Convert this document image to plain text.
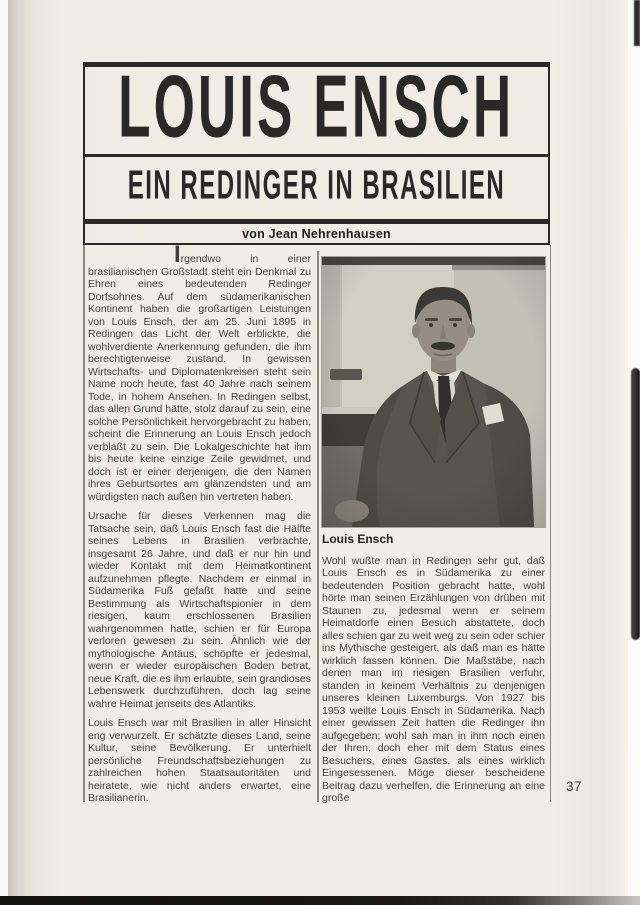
LOUIS ENSCH
EIN REDINGER IN BRASILIEN
von Jean Nehrenhausen

Irgendwo in einer brasilianischen Großstadt steht ein Denkmal zu Ehren eines bedeutenden Redinger Dorfsohnes. Auf dem südamerikanischen Kontinent haben die großartigen Leistungen von Louis Ensch, der am 25. Juni 1895 in Redingen das Licht der Welt erblickte, die wohlverdiente Anerkennung gefunden, die ihm berechtigterweise zustand. In gewissen Wirtschafts- und Diplomatenkreisen steht sein Name noch heute, fast 40 Jahre nach seinem Tode, in hohem Ansehen. In Redingen selbst, das allen Grund hätte, stolz darauf zu sein, eine solche Persönlichkeit hervorgebracht zu haben, scheint die Erinnerung an Louis Ensch jedoch verblaßt zu sein. Die Lokalgeschichte hat ihm bis heute keine einzige Zeile gewidmet, und doch ist er einer derjenigen, die den Namen ihres Geburtsortes am glänzendsten und am würdigsten nach außen hin vertreten haben.

Ursache für dieses Verkennen mag die Tatsache sein, daß Louis Ensch fast die Hälfte seines Lebens in Brasilien verbrachte, insgesamt 26 Jahre, und daß er nur hin und wieder Kontakt mit dem Heimatkontinent aufzunehmen pflegte. Nachdem er einmal in Südamerika Fuß gefaßt hatte und seine Bestimmung als Wirtschaftspionier in dem riesigen, kaum erschlossenen Brasilien wahrgenommen hatte, schien er für Europa verloren gewesen zu sein. Ähnlich wie der mythologische Antäus, schöpfte er jedesmal, wenn er wieder europäischen Boden betrat, neue Kraft, die es ihm erlaubte, sein grandioses Lebenswerk durchzuführen, doch lag seine wahre Heimat jenseits des Atlantiks.

Louis Ensch war mit Brasilien in aller Hinsicht eng verwurzelt. Er schätzte dieses Land, seine Kultur, seine Bevölkerung. Er unterhielt persönliche Freundschaftsbeziehungen zu zahlreichen hohen Staatsautoritäten und heiratete, wie nicht anders erwartet, eine Brasilianerin.

Louis Ensch

Wohl wußte man in Redingen sehr gut, daß Louis Ensch es in Südamerika zu einer bedeutenden Position gebracht hatte, wohl hörte man seinen Erzählungen von drüben mit Staunen zu, jedesmal wenn er seinem Heimatdorfe einen Besuch abstattete, doch alles schien gar zu weit weg zu sein oder schier ins Mythische gesteigert, als daß man es hätte wirklich fassen können. Die Maßstäbe, nach denen man im riesigen Brasilien verfuhr, standen in keinem Verhältnis zu denjenigen unseres kleinen Luxemburgs. Von 1927 bis 1953 weilte Louis Ensch in Südamerika. Nach einer gewissen Zeit hatten die Redinger ihn aufgegeben; wohl sah man in ihm noch einen der Ihren, doch eher mit dem Status eines Besuchers, eines Gastes, als eines wirklich Eingesessenen. Möge dieser bescheidene Beitrag dazu verhelfen, die Erinnerung an eine große

37
